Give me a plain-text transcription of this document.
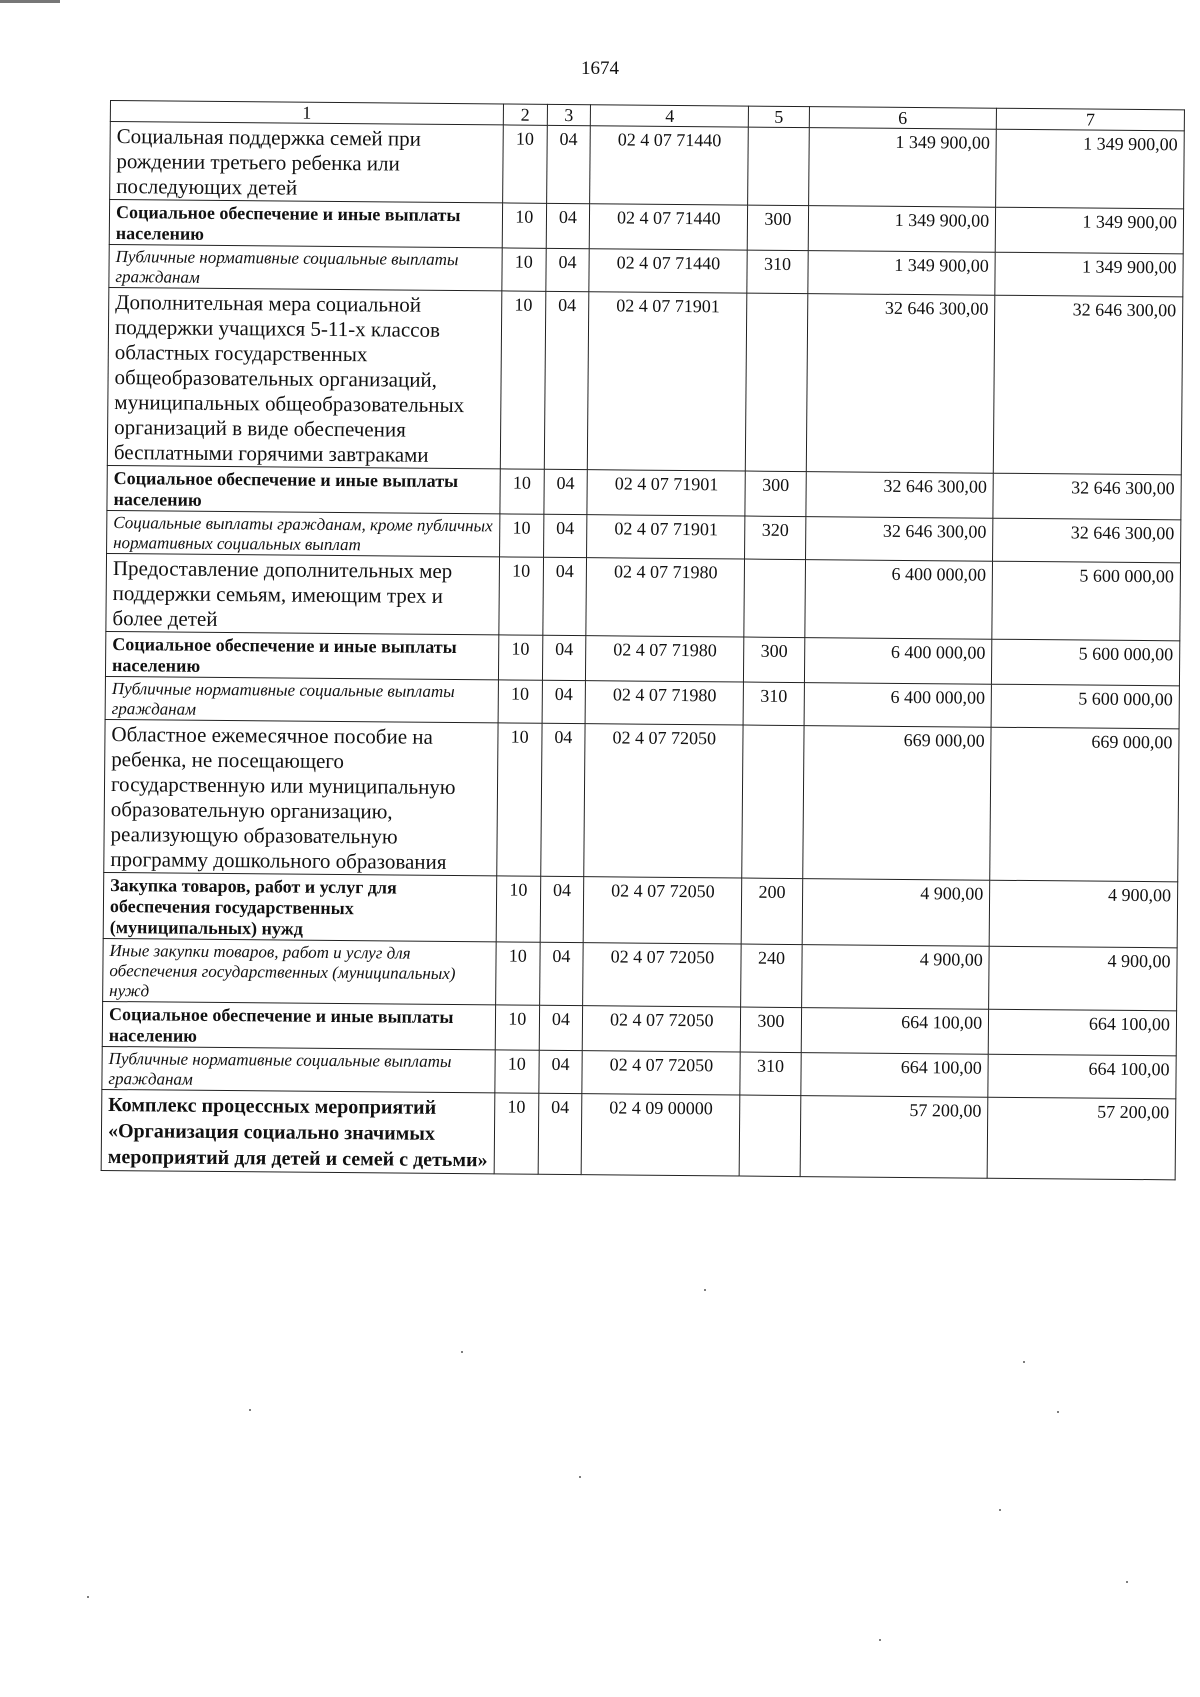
1674
1	2	3	4	5	6	7
Социальная поддержка семей при рождении третьего ребенка или последующих детей	10	04	02 4 07 71440		1 349 900,00	1 349 900,00
Социальное обеспечение и иные выплаты населению	10	04	02 4 07 71440	300	1 349 900,00	1 349 900,00
Публичные нормативные социальные выплаты гражданам	10	04	02 4 07 71440	310	1 349 900,00	1 349 900,00
Дополнительная мера социальной поддержки учащихся 5-11-х классов областных государственных общеобразовательных организаций, муниципальных общеобразовательных организаций в виде обеспечения бесплатными горячими завтраками	10	04	02 4 07 71901		32 646 300,00	32 646 300,00
Социальное обеспечение и иные выплаты населению	10	04	02 4 07 71901	300	32 646 300,00	32 646 300,00
Социальные выплаты гражданам, кроме публичных нормативных социальных выплат	10	04	02 4 07 71901	320	32 646 300,00	32 646 300,00
Предоставление дополнительных мер поддержки семьям, имеющим трех и более детей	10	04	02 4 07 71980		6 400 000,00	5 600 000,00
Социальное обеспечение и иные выплаты населению	10	04	02 4 07 71980	300	6 400 000,00	5 600 000,00
Публичные нормативные социальные выплаты гражданам	10	04	02 4 07 71980	310	6 400 000,00	5 600 000,00
Областное ежемесячное пособие на ребенка, не посещающего государственную или муниципальную образовательную организацию, реализующую образовательную программу дошкольного образования	10	04	02 4 07 72050		669 000,00	669 000,00
Закупка товаров, работ и услуг для обеспечения государственных (муниципальных) нужд	10	04	02 4 07 72050	200	4 900,00	4 900,00
Иные закупки товаров, работ и услуг для обеспечения государственных (муниципальных) нужд	10	04	02 4 07 72050	240	4 900,00	4 900,00
Социальное обеспечение и иные выплаты населению	10	04	02 4 07 72050	300	664 100,00	664 100,00
Публичные нормативные социальные выплаты гражданам	10	04	02 4 07 72050	310	664 100,00	664 100,00
Комплекс процессных мероприятий «Организация социально значимых мероприятий для детей и семей с детьми»	10	04	02 4 09 00000		57 200,00	57 200,00
